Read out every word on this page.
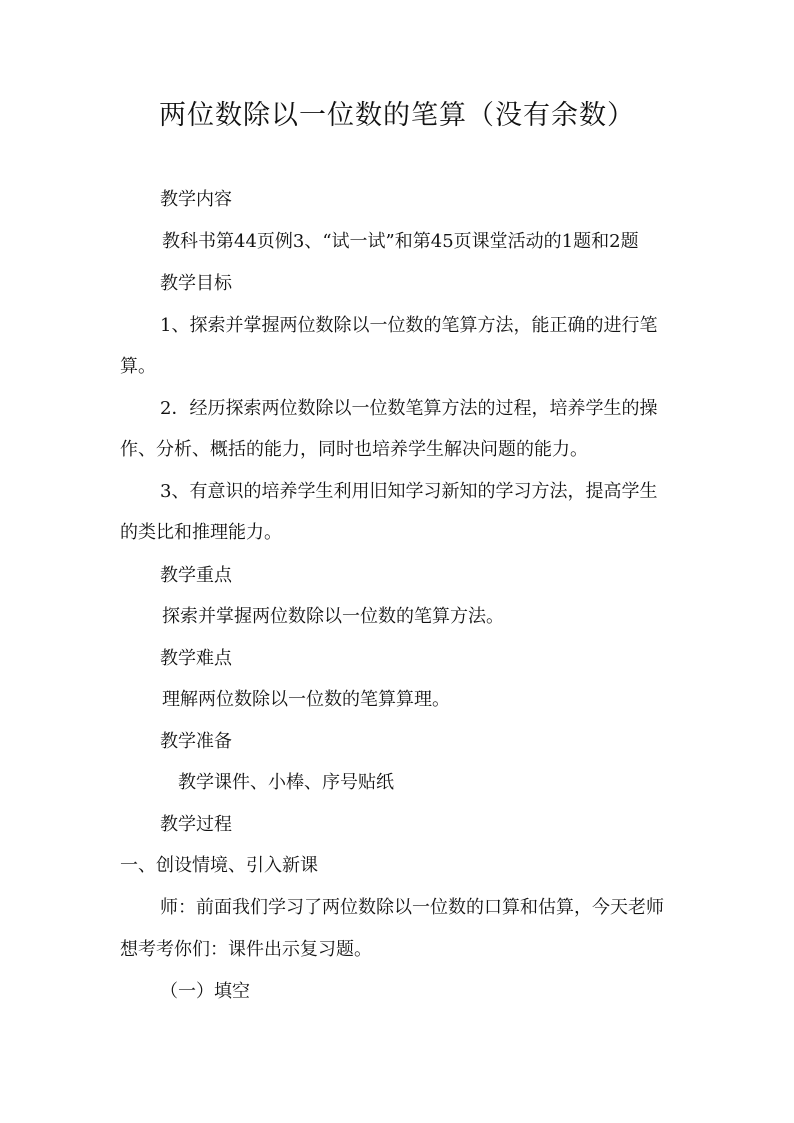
两位数除以一位数的笔算（没有余数）
教学内容
教科书第44页例3、“试一试”和第45页课堂活动的1题和2题
教学目标
1、探索并掌握两位数除以一位数的笔算方法，能正确的进行笔
算。
2．经历探索两位数除以一位数笔算方法的过程，培养学生的操
作、分析、概括的能力，同时也培养学生解决问题的能力。
3、有意识的培养学生利用旧知学习新知的学习方法，提高学生
的类比和推理能力。
教学重点
探索并掌握两位数除以一位数的笔算方法。
教学难点
理解两位数除以一位数的笔算算理。
教学准备
教学课件、小棒、序号贴纸
教学过程
一、创设情境、引入新课
师：前面我们学习了两位数除以一位数的口算和估算，今天老师
想考考你们：课件出示复习题。
（一）填空
